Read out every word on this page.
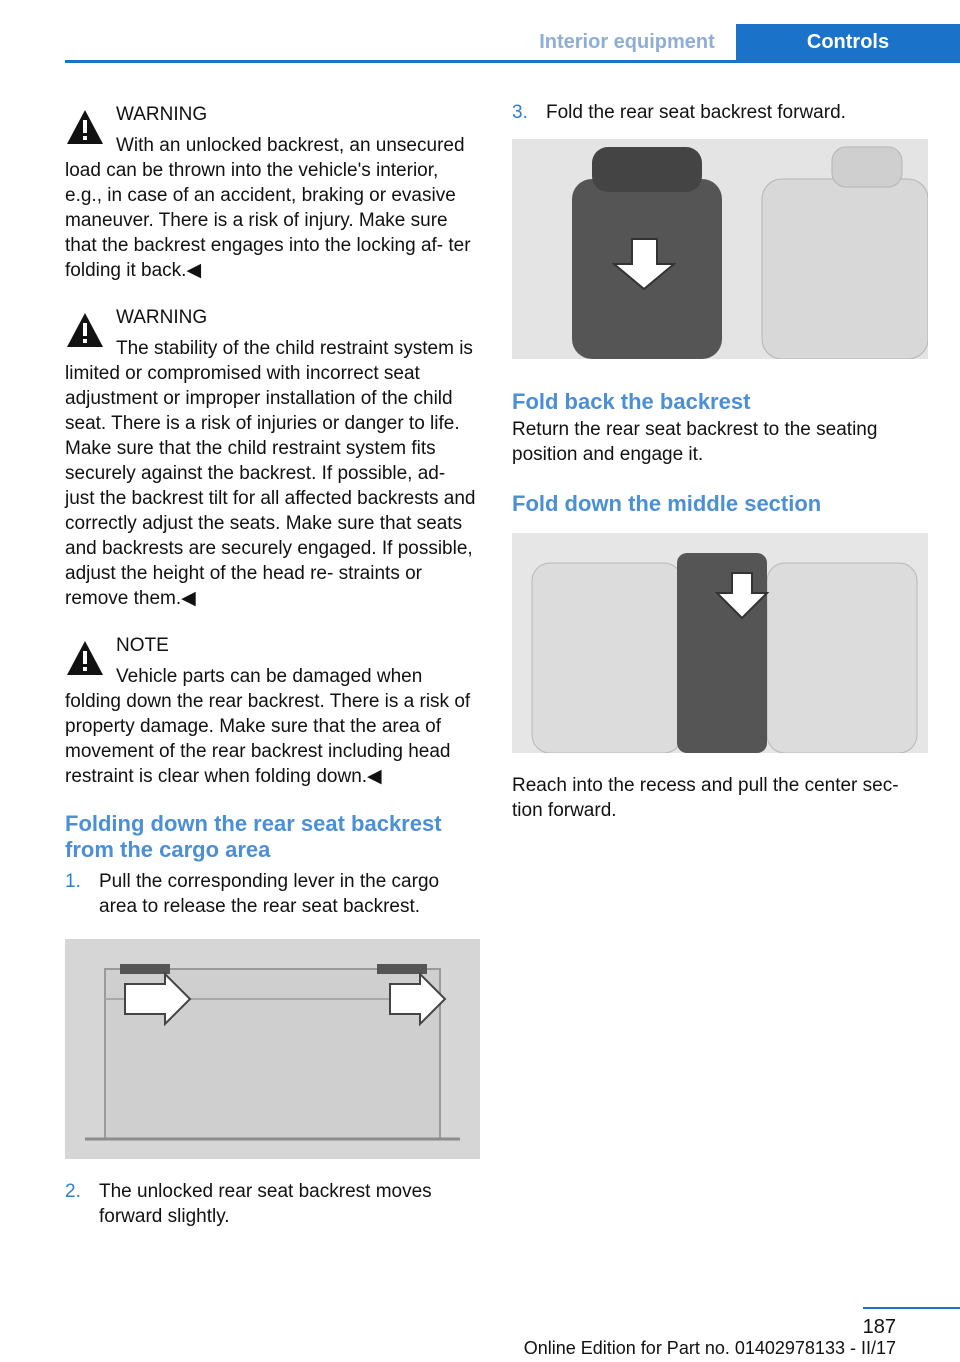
Interior equipment	Controls
WARNING
With an unlocked backrest, an unsecured load can be thrown into the vehicle's interior, e.g., in case of an accident, braking or evasive maneuver. There is a risk of injury. Make sure that the backrest engages into the locking af‐ ter folding it back.◀
WARNING
The stability of the child restraint system is limited or compromised with incorrect seat adjustment or improper installation of the child seat. There is a risk of injuries or danger to life. Make sure that the child restraint system fits securely against the backrest. If possible, ad‐ just the backrest tilt for all affected backrests and correctly adjust the seats. Make sure that seats and backrests are securely engaged. If possible, adjust the height of the head re‐ straints or remove them.◀
NOTE
Vehicle parts can be damaged when folding down the rear backrest. There is a risk of property damage. Make sure that the area of movement of the rear backrest including head restraint is clear when folding down.◀
Folding down the rear seat backrest from the cargo area
1. Pull the corresponding lever in the cargo area to release the rear seat backrest.
2. The unlocked rear seat backrest moves forward slightly.
3. Fold the rear seat backrest forward.
Fold back the backrest
Return the rear seat backrest to the seating position and engage it.
Fold down the middle section
Reach into the recess and pull the center sec‐ tion forward.
187
Online Edition for Part no. 01402978133 - II/17
